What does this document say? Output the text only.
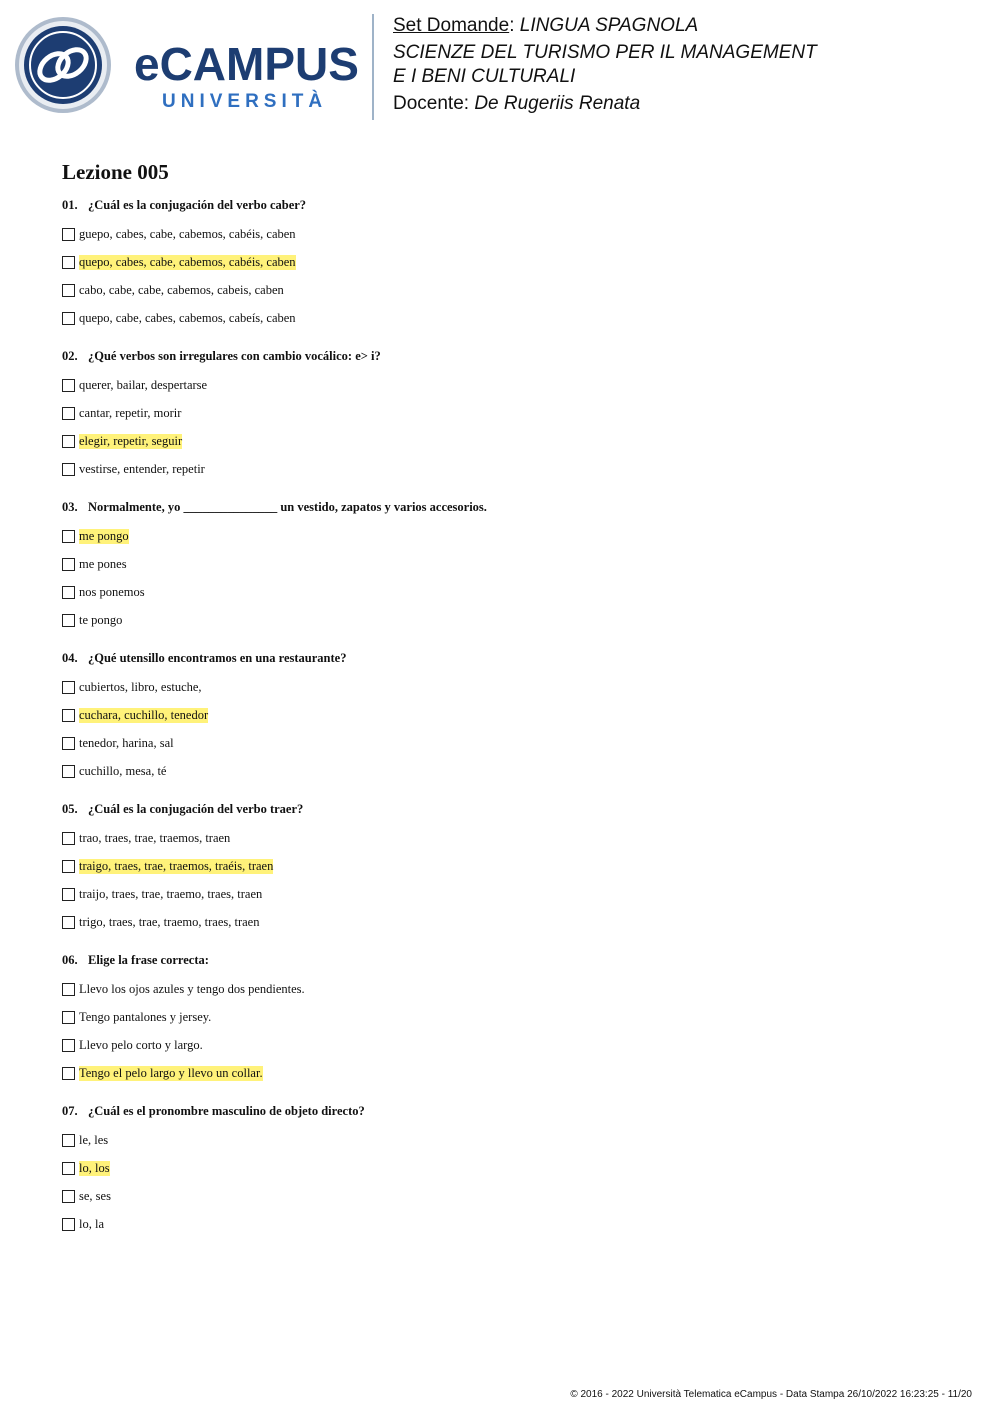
eCAMPUS
UNIVERSITÀ
Set Domande: LINGUA SPAGNOLA
SCIENZE DEL TURISMO PER IL MANAGEMENT
E I BENI CULTURALI
Docente: De Rugeriis Renata
Lezione 005
01. ¿Cuál es la conjugación del verbo caber?
guepo, cabes, cabe, cabemos, cabéis, caben
quepo, cabes, cabe, cabemos, cabéis, caben
cabo, cabe, cabe, cabemos, cabeis, caben
quepo, cabe, cabes, cabemos, cabeís, caben
02. ¿Qué verbos son irregulares con cambio vocálico: e> i?
querer, bailar, despertarse
cantar, repetir, morir
elegir, repetir, seguir
vestirse, entender, repetir
03. Normalmente, yo _______________ un vestido, zapatos y varios accesorios.
me pongo
me pones
nos ponemos
te pongo
04. ¿Qué utensillo encontramos en una restaurante?
cubiertos, libro, estuche,
cuchara, cuchillo, tenedor
tenedor, harina, sal
cuchillo, mesa, té
05. ¿Cuál es la conjugación del verbo traer?
trao, traes, trae, traemos, traen
traigo, traes, trae, traemos, traéis, traen
traijo, traes, trae, traemo, traes, traen
trigo, traes, trae, traemo, traes, traen
06. Elige la frase correcta:
Llevo los ojos azules y tengo dos pendientes.
Tengo pantalones y jersey.
Llevo pelo corto y largo.
Tengo el pelo largo y llevo un collar.
07. ¿Cuál es el pronombre masculino de objeto directo?
le, les
lo, los
se, ses
lo, la
© 2016 - 2022 Università Telematica eCampus - Data Stampa 26/10/2022 16:23:25 - 11/20
